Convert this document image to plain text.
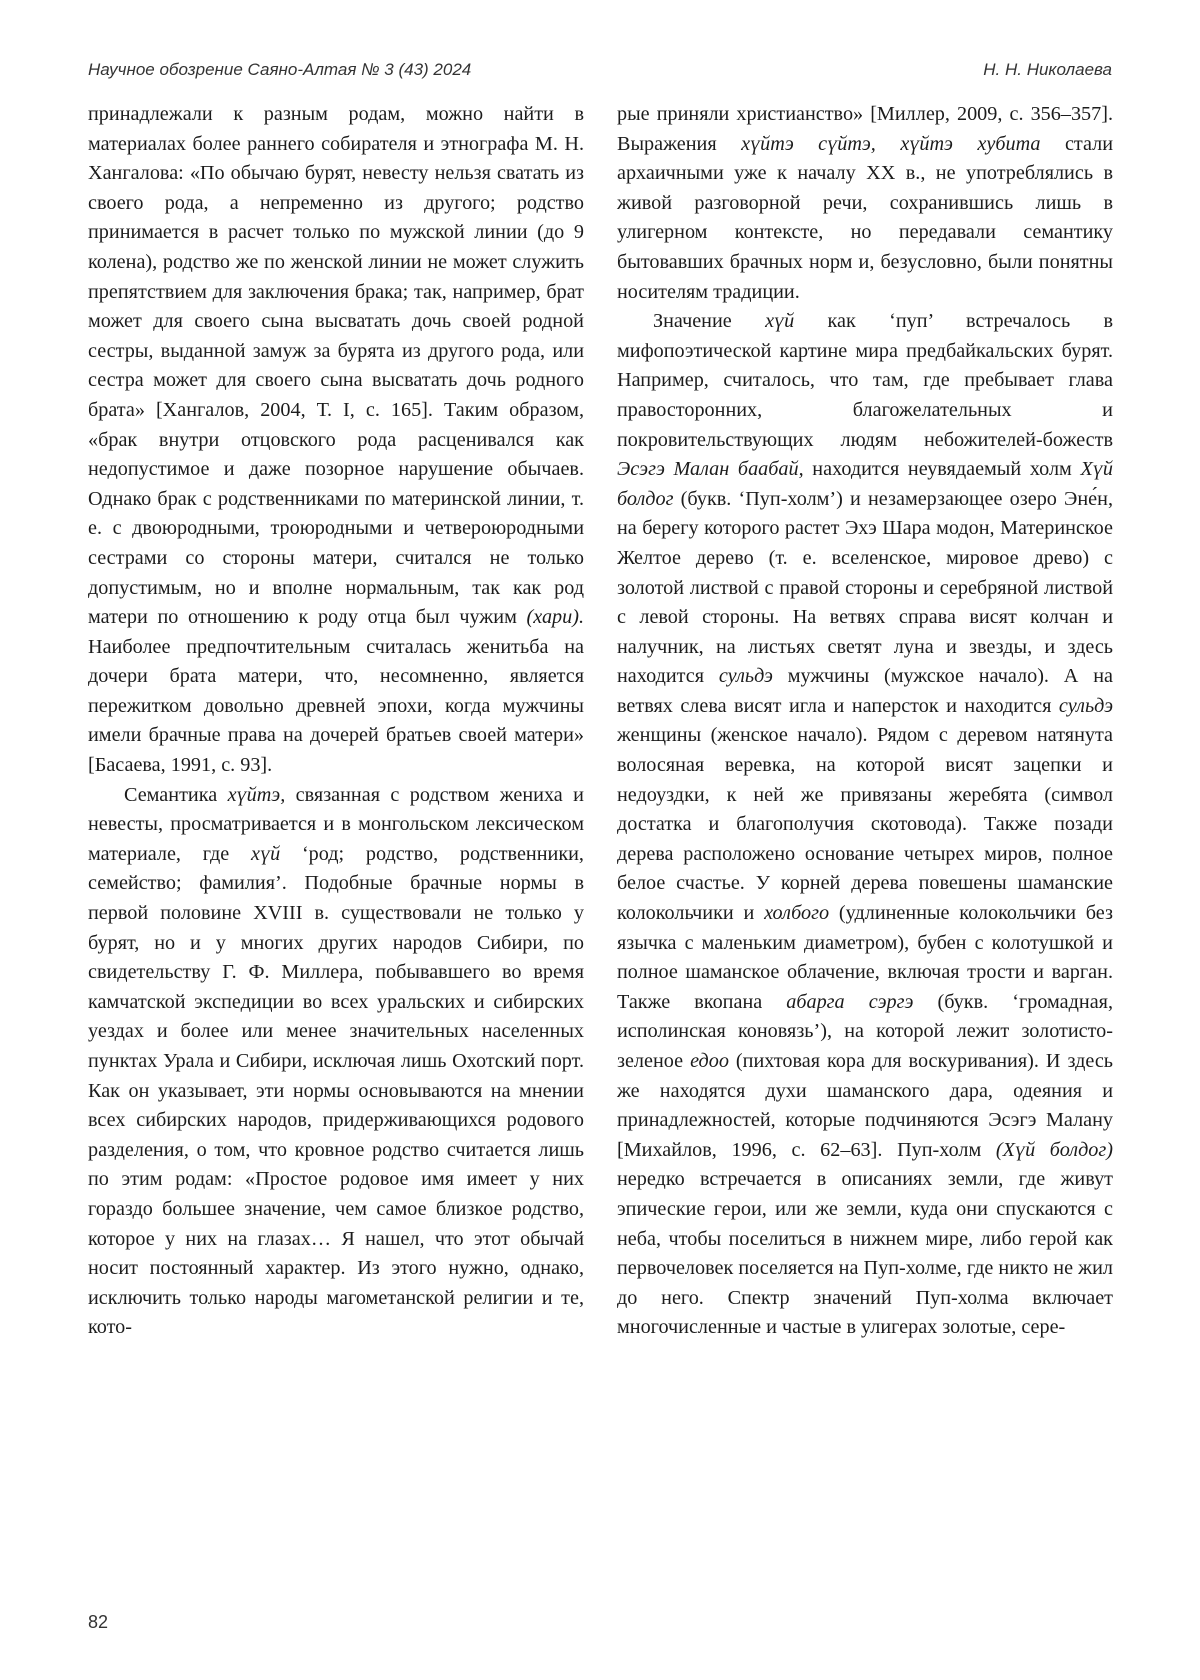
Научное обозрение Саяно-Алтая № 3 (43) 2024	Н. Н. Николаева

принадлежали к разным родам, можно найти в материалах более раннего собирателя и этнографа М. Н. Хангалова: «По обычаю бурят, невесту нельзя сватать из своего рода, а непременно из другого; родство принимается в расчет только по мужской линии (до 9 колена), родство же по женской линии не может служить препятствием для заключения брака; так, например, брат может для своего сына высватать дочь своей родной сестры, выданной замуж за бурята из другого рода, или сестра может для своего сына высватать дочь родного брата» [Хангалов, 2004, Т. I, с. 165]. Таким образом, «брак внутри отцовского рода расценивался как недопустимое и даже позорное нарушение обычаев. Однако брак с родственниками по материнской линии, т. е. с двоюродными, троюродными и четвероюродными сестрами со стороны матери, считался не только допустимым, но и вполне нормальным, так как род матери по отношению к роду отца был чужим (хари). Наиболее предпочтительным считалась женитьба на дочери брата матери, что, несомненно, является пережитком довольно древней эпохи, когда мужчины имели брачные права на дочерей братьев своей матери» [Басаева, 1991, с. 93].

Семантика хүйтэ, связанная с родством жениха и невесты, просматривается и в монгольском лексическом материале, где хүй ‘род; родство, родственники, семейство; фамилия’. Подобные брачные нормы в первой половине XVIII в. существовали не только у бурят, но и у многих других народов Сибири, по свидетельству Г. Ф. Миллера, побывавшего во время камчатской экспедиции во всех уральских и сибирских уездах и более или менее значительных населенных пунктах Урала и Сибири, исключая лишь Охотский порт. Как он указывает, эти нормы основываются на мнении всех сибирских народов, придерживающихся родового разделения, о том, что кровное родство считается лишь по этим родам: «Простое родовое имя имеет у них гораздо большее значение, чем самое близкое родство, которое у них на глазах… Я нашел, что этот обычай носит постоянный характер. Из этого нужно, однако, исключить только народы магометанской религии и те, кото-

рые приняли христианство» [Миллер, 2009, с. 356–357]. Выражения хүйтэ сүйтэ, хүйтэ хубита стали архаичными уже к началу XX в., не употреблялись в живой разговорной речи, сохранившись лишь в улигерном контексте, но передавали семантику бытовавших брачных норм и, безусловно, были понятны носителям традиции.

Значение хүй как ‘пуп’ встречалось в мифопоэтической картине мира предбайкальских бурят. Например, считалось, что там, где пребывает глава правосторонних, благожелательных и покровительствующих людям небожителей-божеств Эсэгэ Малан баабай, находится неувядаемый холм Хүй болдог (букв. ‘Пуп-холм’) и незамерзающее озеро Эне́н, на берегу которого растет Эхэ Шара модон, Материнское Желтое дерево (т. е. вселенское, мировое древо) с золотой листвой с правой стороны и серебряной листвой с левой стороны. На ветвях справа висят колчан и налучник, на листьях светят луна и звезды, и здесь находится сульдэ мужчины (мужское начало). А на ветвях слева висят игла и наперсток и находится сульдэ женщины (женское начало). Рядом с деревом натянута волосяная веревка, на которой висят зацепки и недоуздки, к ней же привязаны жеребята (символ достатка и благополучия скотовода). Также позади дерева расположено основание четырех миров, полное белое счастье. У корней дерева повешены шаманские колокольчики и холбого (удлиненные колокольчики без язычка с маленьким диаметром), бубен с колотушкой и полное шаманское облачение, включая трости и варган. Также вкопана абарга сэргэ (букв. ‘громадная, исполинская коновязь’), на которой лежит золотисто-зеленое едоо (пихтовая кора для воскуривания). И здесь же находятся духи шаманского дара, одеяния и принадлежностей, которые подчиняются Эсэгэ Малану [Михайлов, 1996, с. 62–63]. Пуп-холм (Хүй болдог) нередко встречается в описаниях земли, где живут эпические герои, или же земли, куда они спускаются с неба, чтобы поселиться в нижнем мире, либо герой как первочеловек поселяется на Пуп-холме, где никто не жил до него. Спектр значений Пуп-холма включает многочисленные и частые в улигерах золотые, сере-

82
